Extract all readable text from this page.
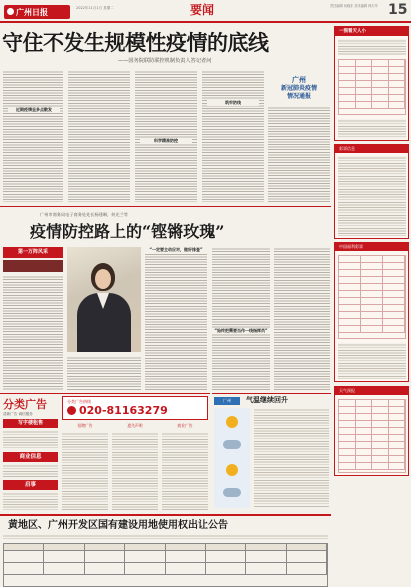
广州日报	2022年11月1日 星期二	要闻	责任编辑 何晓东 美术编辑 林天华 15
守住不发生规模性疫情的底线
——国务院联防联控机制负责人答记者问
近期疫情呈多点散发
科学精准防控
筑牢防线
广州
新冠肺炎疫情
情况通报
一图看天人小
彩票信息
中国福利彩票
天气预报
广州市商务局电子商务处处长杨建琳，何光兰等
疫情防控路上的“铿锵玫瑰”
第一万阵风采	“一定要主动应对，做好排查”
“始终把需要当作一线指挥员”
分类广告
清新广告 诚信服务
写字楼租售
商业信息
启事
分类广告热线
020-81163279
招聘广告	遗失声明	商业广告
广州	气温继续回升
黄地区、广州开发区国有建设用地使用权出让公告
